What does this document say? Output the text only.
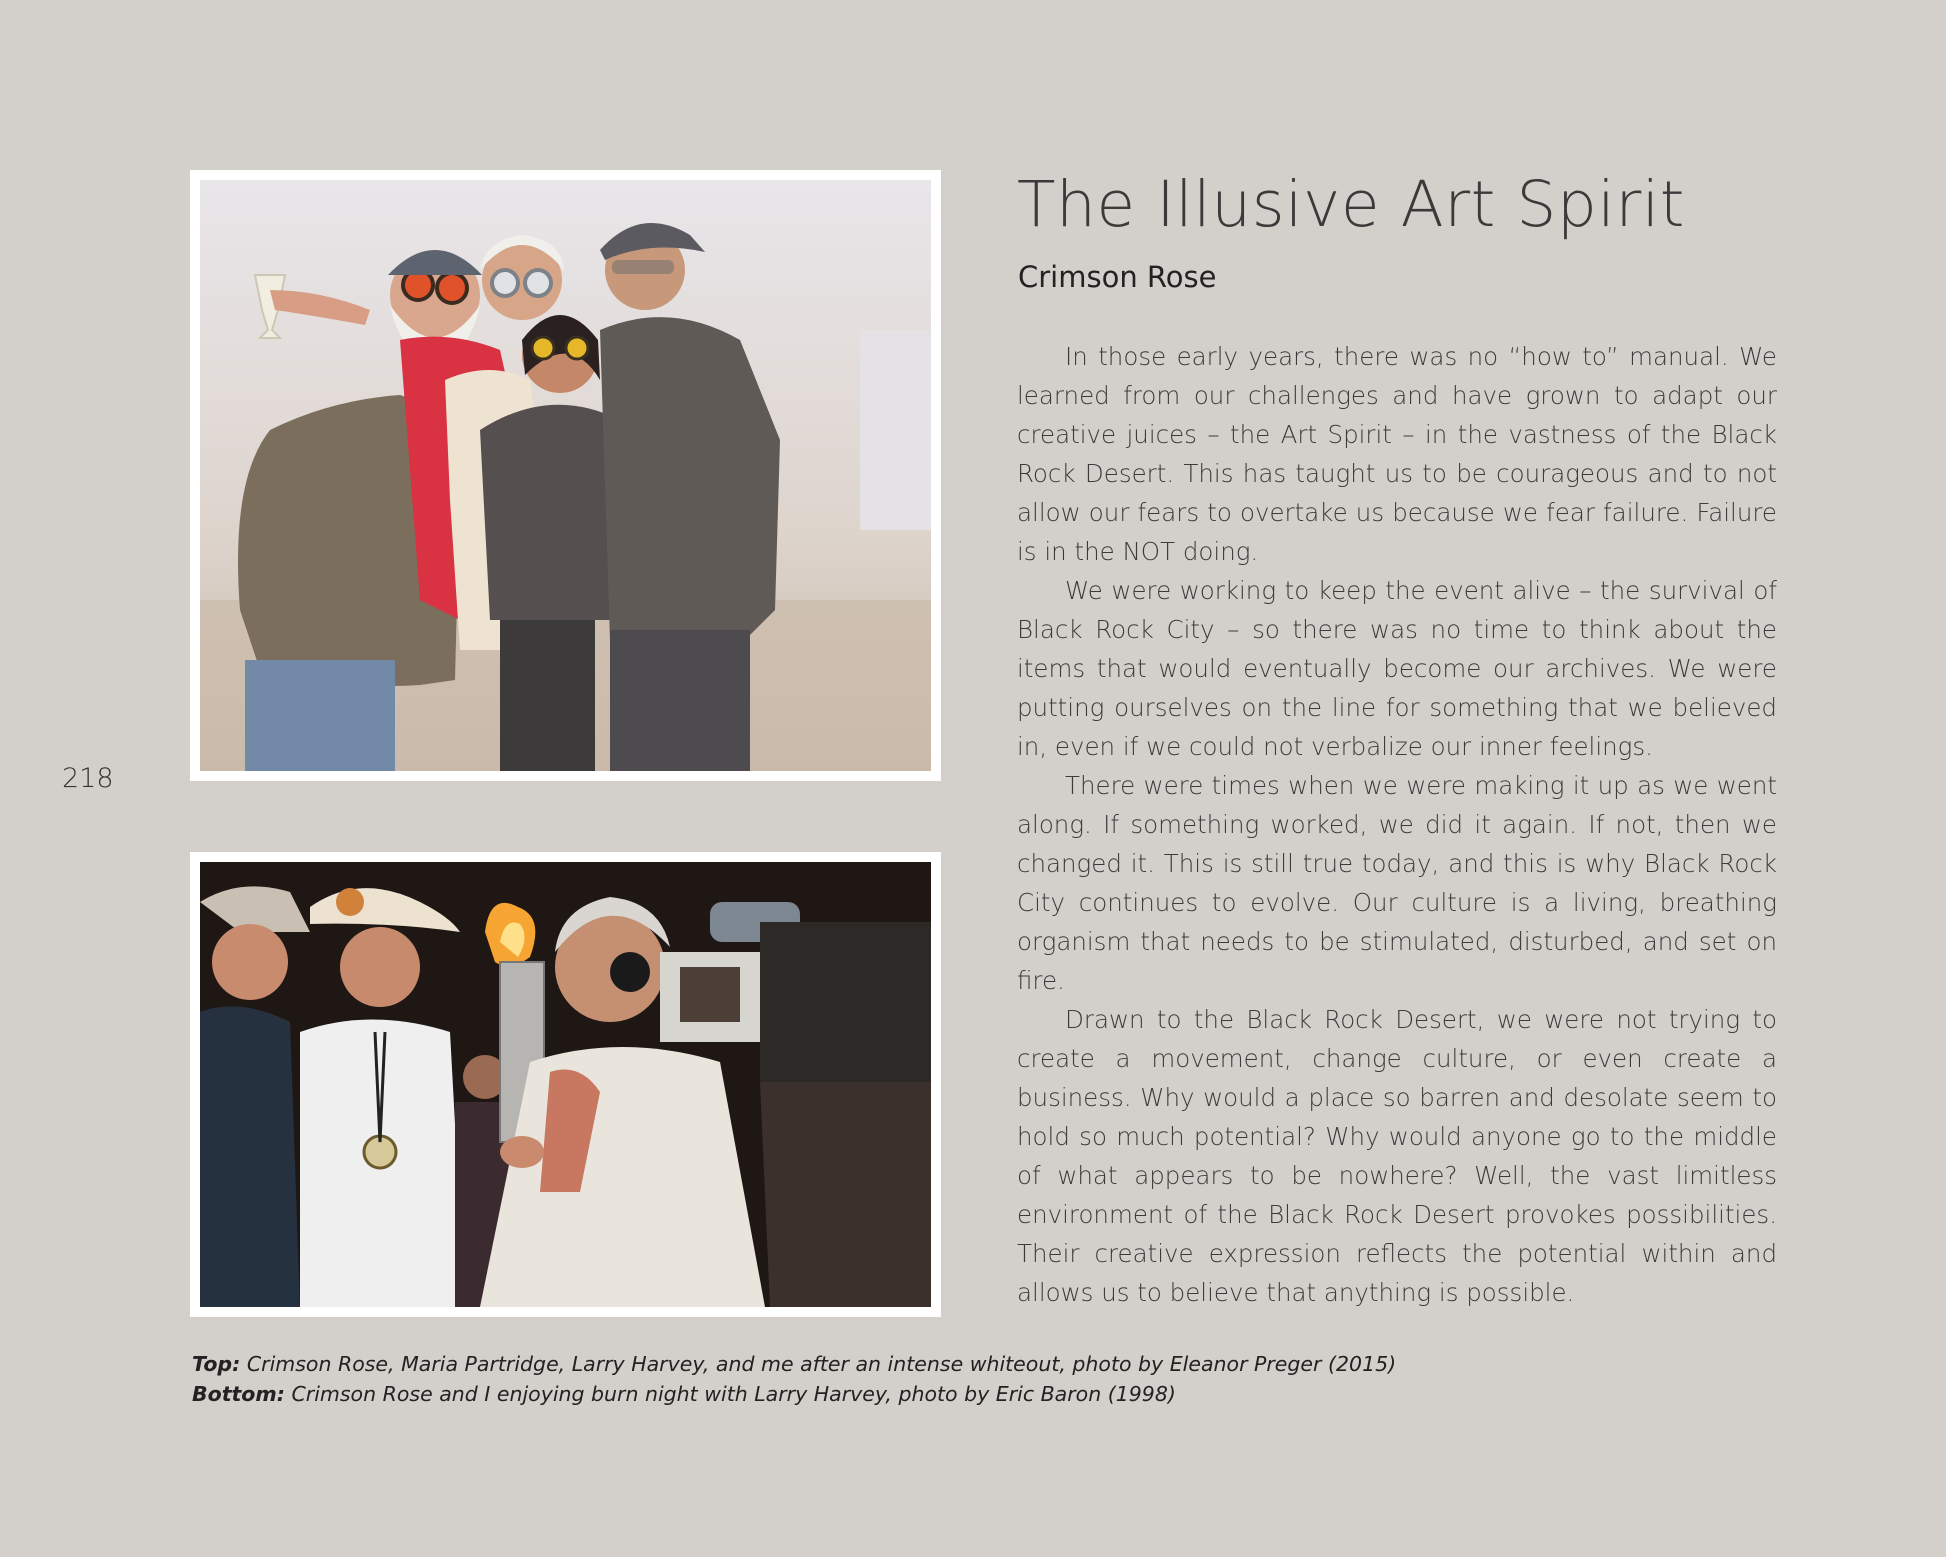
218
The Illusive Art Spirit
Crimson Rose

In those early years, there was no “how to” manual. We learned from our challenges and have grown to adapt our creative juices – the Art Spirit – in the vastness of the Black Rock Desert. This has taught us to be courageous and to not allow our fears to overtake us because we fear failure. Failure is in the NOT doing.

We were working to keep the event alive – the survival of Black Rock City – so there was no time to think about the items that would eventually become our archives. We were putting ourselves on the line for something that we believed in, even if we could not verbalize our inner feelings.

There were times when we were making it up as we went along. If something worked, we did it again. If not, then we changed it. This is still true today, and this is why Black Rock City continues to evolve. Our culture is a living, breathing organism that needs to be stimulated, disturbed, and set on fire.

Drawn to the Black Rock Desert, we were not trying to create a movement, change culture, or even create a business. Why would a place so barren and desolate seem to hold so much potential? Why would anyone go to the middle of what appears to be nowhere? Well, the vast limitless environment of the Black Rock Desert provokes possibilities. Their creative expression reflects the potential within and allows us to believe that anything is possible.

Top: Crimson Rose, Maria Partridge, Larry Harvey, and me after an intense whiteout, photo by Eleanor Preger (2015)
Bottom: Crimson Rose and I enjoying burn night with Larry Harvey, photo by Eric Baron (1998)
